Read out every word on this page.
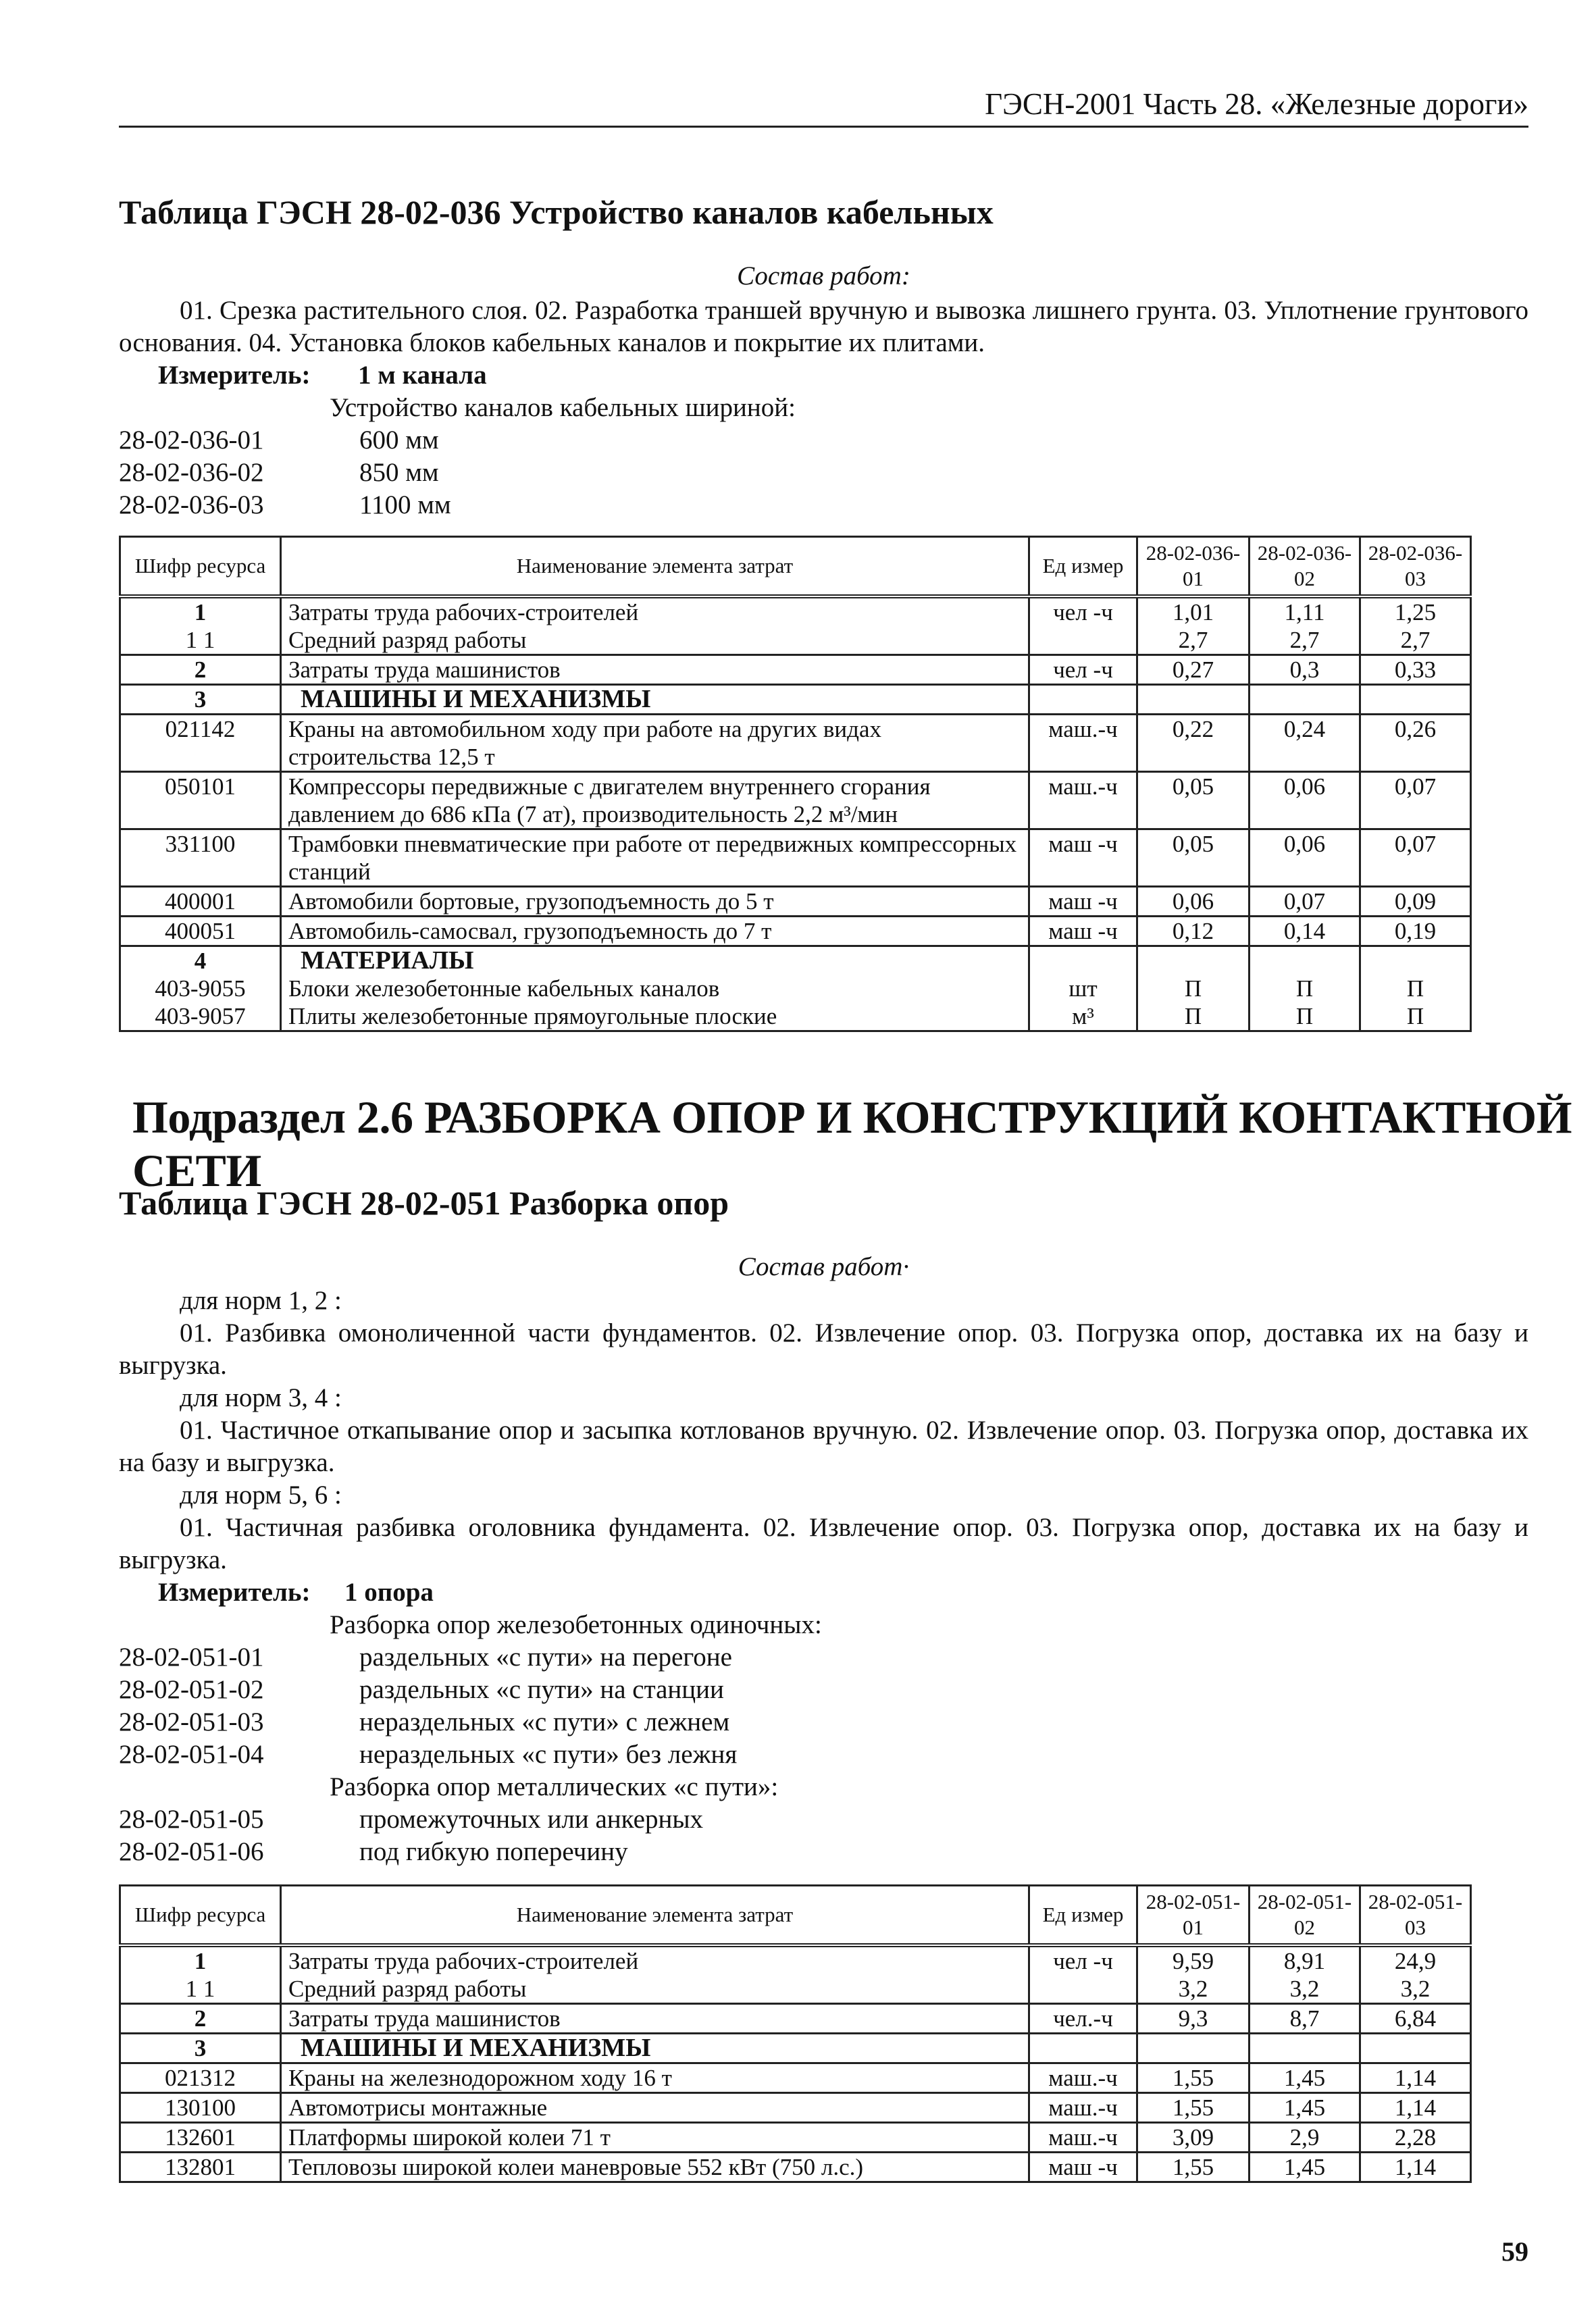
ГЭСН-2001 Часть 28. «Железные дороги»
Таблица ГЭСН 28-02-036 Устройство каналов кабельных
Состав работ:
01. Срезка растительного слоя. 02. Разработка траншей вручную и вывозка лишнего грунта. 03. Уплотнение грунтового основания. 04. Установка блоков кабельных каналов и покрытие их плитами.
Измеритель: 1 м канала
Устройство каналов кабельных шириной:
28-02-036-01	600 мм
28-02-036-02	850 мм
28-02-036-03	1100 мм
Шифр ресурса	Наименование элемента затрат	Ед измер	28-02-036-01	28-02-036-02	28-02-036-03
1	Затраты труда рабочих-строителей	чел -ч	1,01	1,11	1,25
1 1	Средний разряд работы		2,7	2,7	2,7
2	Затраты труда машинистов	чел -ч	0,27	0,3	0,33
3	МАШИНЫ И МЕХАНИЗМЫ				
021142	Краны на автомобильном ходу при работе на других видах строительства 12,5 т	маш.-ч	0,22	0,24	0,26
050101	Компрессоры передвижные с двигателем внутреннего сгорания давлением до 686 кПа (7 ат), производительность 2,2 м³/мин	маш.-ч	0,05	0,06	0,07
331100	Трамбовки пневматические при работе от передвижных компрессорных станций	маш -ч	0,05	0,06	0,07
400001	Автомобили бортовые, грузоподъемность до 5 т	маш -ч	0,06	0,07	0,09
400051	Автомобиль-самосвал, грузоподъемность до 7 т	маш -ч	0,12	0,14	0,19
4	МАТЕРИАЛЫ				
403-9055	Блоки железобетонные кабельных каналов	шт	П	П	П
403-9057	Плиты железобетонные прямоугольные плоские	м³	П	П	П
Подраздел 2.6 РАЗБОРКА ОПОР И КОНСТРУКЦИЙ КОНТАКТНОЙ СЕТИ
Таблица ГЭСН 28-02-051 Разборка опор
Состав работ·
для норм 1, 2 :
01. Разбивка омоноличенной части фундаментов. 02. Извлечение опор. 03. Погрузка опор, доставка их на базу и выгрузка.
для норм 3, 4 :
01. Частичное откапывание опор и засыпка котлованов вручную. 02. Извлечение опор. 03. Погрузка опор, доставка их на базу и выгрузка.
для норм 5, 6 :
01. Частичная разбивка оголовника фундамента. 02. Извлечение опор. 03. Погрузка опор, доставка их на базу и выгрузка.
Измеритель: 1 опора
Разборка опор железобетонных одиночных:
28-02-051-01	раздельных «с пути» на перегоне
28-02-051-02	раздельных «с пути» на станции
28-02-051-03	нераздельных «с пути» с лежнем
28-02-051-04	нераздельных «с пути» без лежня
Разборка опор металлических «с пути»:
28-02-051-05	промежуточных или анкерных
28-02-051-06	под гибкую поперечину
Шифр ресурса	Наименование элемента затрат	Ед измер	28-02-051-01	28-02-051-02	28-02-051-03
1	Затраты труда рабочих-строителей	чел -ч	9,59	8,91	24,9
1 1	Средний разряд работы		3,2	3,2	3,2
2	Затраты труда машинистов	чел.-ч	9,3	8,7	6,84
3	МАШИНЫ И МЕХАНИЗМЫ				
021312	Краны на железнодорожном ходу 16 т	маш.-ч	1,55	1,45	1,14
130100	Автомотрисы монтажные	маш.-ч	1,55	1,45	1,14
132601	Платформы широкой колеи 71 т	маш.-ч	3,09	2,9	2,28
132801	Тепловозы широкой колеи маневровые 552 кВт (750 л.с.)	маш -ч	1,55	1,45	1,14
59
